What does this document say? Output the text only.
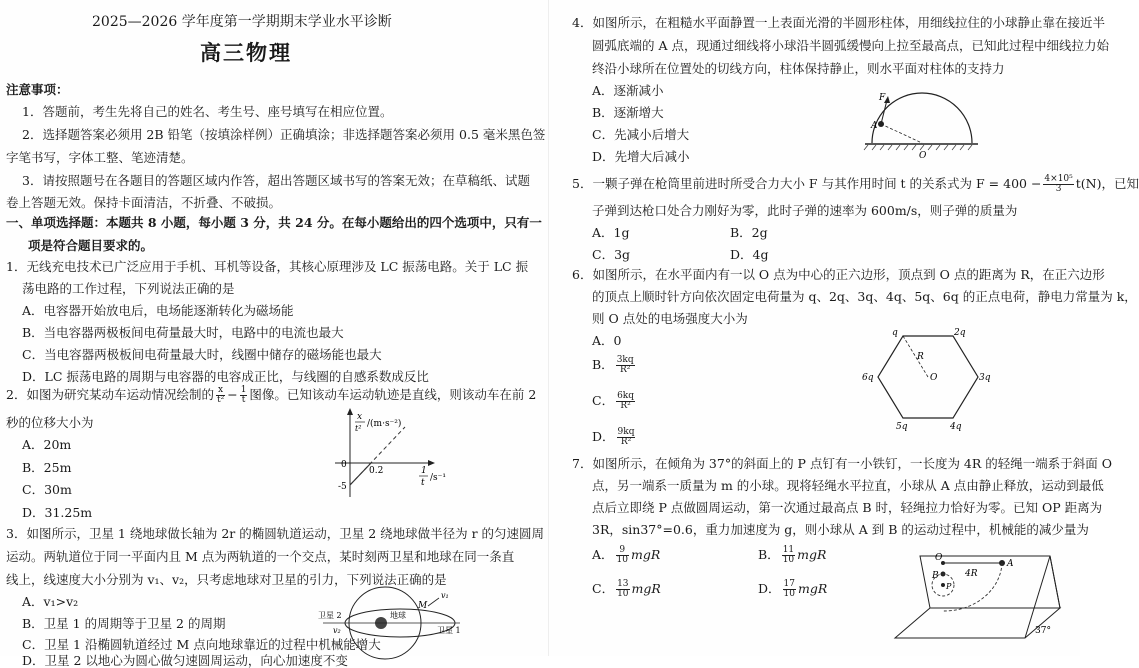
2025—2026 学年度第一学期期末学业水平诊断
高三物理
注意事项：
1．答题前，考生先将自己的姓名、考生号、座号填写在相应位置。
2．选择题答案必须用 2B 铅笔（按填涂样例）正确填涂；非选择题答案必须用 0.5 毫米黑色签
字笔书写，字体工整、笔迹清楚。
3．请按照题号在各题目的答题区域内作答，超出答题区域书写的答案无效；在草稿纸、试题
卷上答题无效。保持卡面清洁，不折叠、不破损。
一、单项选择题：本题共 8 小题，每小题 3 分，共 24 分。在每小题给出的四个选项中，只有一
项是符合题目要求的。
1．无线充电技术已广泛应用于手机、耳机等设备，其核心原理涉及 LC 振荡电路。关于 LC 振
荡电路的工作过程，下列说法正确的是
A．电容器开始放电后，电场能逐渐转化为磁场能
B．当电容器两极板间电荷量最大时，电路中的电流也最大
C．当电容器两极板间电荷量最大时，线圈中储存的磁场能也最大
D．LC 振荡电路的周期与电容器的电容成正比，与线圈的自感系数成反比
2．如图为研究某动车运动情况绘制的 $\frac{x}{\text{t²}} - \frac{1}{t}$ 图像。已知该动车运动轨迹是直线，则该动车在前 2
秒的位移大小为
A．20m
B．25m
C．30m
D．31.25m
x
t² /(m·s⁻²)
1
t /s⁻¹
0
-5
0.2
3．如图所示，卫星 1 绕地球做长轴为 2r 的椭圆轨道运动，卫星 2 绕地球做半径为 r 的匀速圆周
运动。两轨道位于同一平面内且 M 点为两轨道的一个交点，某时刻两卫星和地球在同一条直
线上，线速度大小分别为 v₁、v₂，只考虑地球对卫星的引力，下列说法正确的是
A．v₁>v₂
B．卫星 1 的周期等于卫星 2 的周期
C．卫星 1 沿椭圆轨道经过 M 点向地球靠近的过程中机械能增大
D．卫星 2 以地心为圆心做匀速圆周运动，向心加速度不变
地球
卫星 2
卫星 1
M
v₁
v₂
4．如图所示，在粗糙水平面静置一上表面光滑的半圆形柱体，用细线拉住的小球静止靠在接近半
圆弧底端的 A 点，现通过细线将小球沿半圆弧缓慢向上拉至最高点，已知此过程中细线拉力始
终沿小球所在位置处的切线方向，柱体保持静止，则水平面对柱体的支持力
A．逐渐减小
B．逐渐增大
C．先减小后增大
D．先增大后减小
F
A
O
5．一颗子弹在枪筒里前进时所受合力大小 F 与其作用时间 t 的关系式为 $F = 400 - \frac{\text{4×10⁵}}{3} t(N)$，已知
子弹到达枪口处合力刚好为零，此时子弹的速率为 600m/s，则子弹的质量为
A．1g	B．2g
C．3g	D．4g
6．如图所示，在水平面内有一以 O 点为中心的正六边形，顶点到 O 点的距离为 R，在正六边形
的顶点上顺时针方向依次固定电荷量为 q、2q、3q、4q、5q、6q 的正点电荷，静电力常量为 k，
则 O 点处的电场强度大小为
A．0
B． $\frac{3kq}{\text{R²}}$
C． $\frac{6kq}{\text{R²}}$
D． $\frac{9kq}{\text{R²}}$
q	2q
3q
4q
5q
6q
R
O
7．如图所示，在倾角为 37°的斜面上的 P 点钉有一小铁钉，一长度为 4R 的轻绳一端系于斜面 O
点，另一端系一质量为 m 的小球。现将轻绳水平拉直，小球从 A 点由静止释放，运动到最低
点后立即绕 P 点做圆周运动，第一次通过最高点 B 时，轻绳拉力恰好为零。已知 OP 距离为
3R，sin37°=0.6，重力加速度为 g，则小球从 A 到 B 的运动过程中，机械能的减少量为
A． $\frac{9}{10}$ mgR	B． $\frac{11}{10}$ mgR
C． $\frac{13}{10}$ mgR	D． $\frac{17}{10}$ mgR
O
A
B
P
4R
37°
